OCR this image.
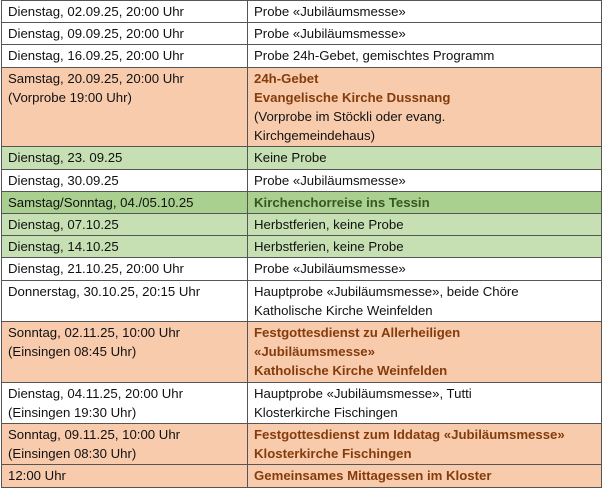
Dienstag, 02.09.25, 20:00 Uhr	Probe «Jubiläumsmesse»

Dienstag, 09.09.25, 20:00 Uhr	Probe «Jubiläumsmesse»

Dienstag, 16.09.25, 20:00 Uhr	Probe 24h-Gebet, gemischtes Programm

Samstag, 20.09.25, 20:00 Uhr
(Vorprobe 19:00 Uhr)	24h-Gebet
Evangelische Kirche Dussnang
(Vorprobe im Stöckli oder evang.
Kirchgemeindehaus)

Dienstag, 23. 09.25	Keine Probe

Dienstag, 30.09.25	Probe «Jubiläumsmesse»

Samstag/Sonntag, 04./05.10.25	Kirchenchorreise ins Tessin

Dienstag, 07.10.25	Herbstferien, keine Probe

Dienstag, 14.10.25	Herbstferien, keine Probe

Dienstag, 21.10.25, 20:00 Uhr	Probe «Jubiläumsmesse»

Donnerstag, 30.10.25, 20:15 Uhr	Hauptprobe «Jubiläumsmesse», beide Chöre
Katholische Kirche Weinfelden

Sonntag, 02.11.25, 10:00 Uhr
(Einsingen 08:45 Uhr)	Festgottesdienst zu Allerheiligen
«Jubiläumsmesse»
Katholische Kirche Weinfelden

Dienstag, 04.11.25, 20:00 Uhr
(Einsingen 19:30 Uhr)	Hauptprobe «Jubiläumsmesse», Tutti
Klosterkirche Fischingen

Sonntag, 09.11.25, 10:00 Uhr
(Einsingen 08:30 Uhr)	Festgottesdienst zum Iddatag «Jubiläumsmesse»
Klosterkirche Fischingen

12:00 Uhr	Gemeinsames Mittagessen im Kloster
